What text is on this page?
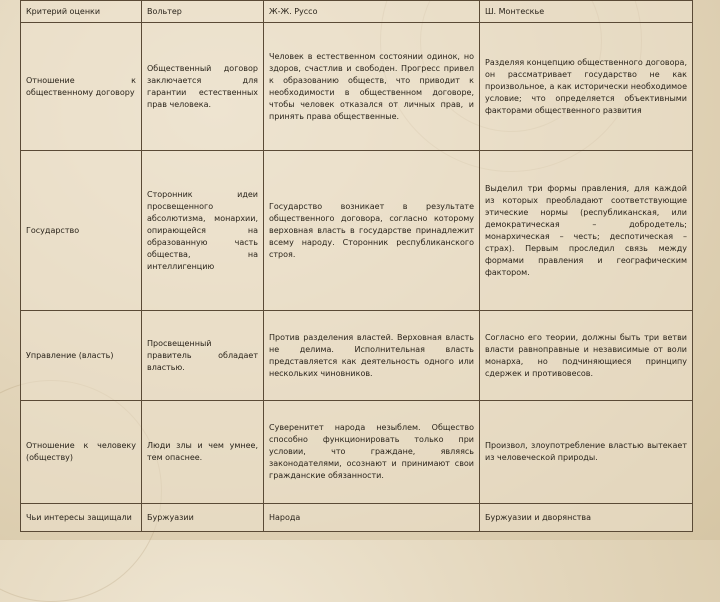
Критерий оценки	Вольтер	Ж-Ж. Руссо	Ш. Монтескье
Отношение к общественному договору	Общественный договор заключается для гарантии естественных прав человека.	Человек в естественном состоянии одинок, но здоров, счастлив и свободен. Прогресс привел к образованию обществ, что приводит к необходимости в общественном договоре, чтобы человек отказался от личных прав, и принять права общественные.	Разделяя концепцию общественного договора, он рассматривает государство не как произвольное, а как исторически необходимое условие; что определяется объективными факторами общественного развития
Государство	Сторонник идеи просвещенного абсолютизма, монархии, опирающейся на образованную часть общества, на интеллигенцию	Государство возникает в результате общественного договора, согласно которому верховная власть в государстве принадлежит всему народу. Сторонник республиканского строя.	Выделил три формы правления, для каждой из которых преобладают соответствующие этические нормы (республиканская, или демократическая – добродетель; монархическая – честь; деспотическая – страх). Первым проследил связь между формами правления и географическим фактором.
Управление (власть)	Просвещенный правитель обладает властью.	Против разделения властей. Верховная власть не делима. Исполнительная власть представляется как деятельность одного или нескольких чиновников.	Согласно его теории, должны быть три ветви власти равноправные и независимые от воли монарха, но подчиняющиеся принципу сдержек и противовесов.
Отношение к человеку (обществу)	Люди злы и чем умнее, тем опаснее.	Суверенитет народа незыблем. Общество способно функционировать только при условии, что граждане, являясь законодателями, осознают и принимают свои гражданские обязанности.	Произвол, злоупотребление властью вытекает из человеческой природы.
Чьи интересы защищали	Буржуазии	Народа	Буржуазии и дворянства
